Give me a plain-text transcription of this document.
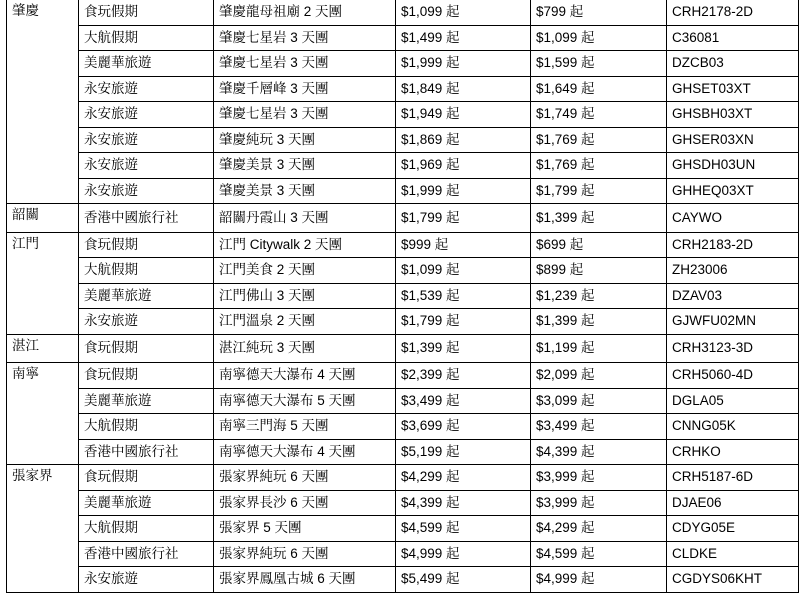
肇慶	食玩假期	肇慶龍母祖廟 2 天團	$1,099 起	$799 起	CRH2178-2D
	大航假期	肇慶七星岩 3 天團	$1,499 起	$1,099 起	C36081
	美麗華旅遊	肇慶七星岩 3 天團	$1,999 起	$1,599 起	DZCB03
	永安旅遊	肇慶千層峰 3 天團	$1,849 起	$1,649 起	GHSET03XT
	永安旅遊	肇慶七星岩 3 天團	$1,949 起	$1,749 起	GHSBH03XT
	永安旅遊	肇慶純玩 3 天團	$1,869 起	$1,769 起	GHSER03XN
	永安旅遊	肇慶美景 3 天團	$1,969 起	$1,769 起	GHSDH03UN
	永安旅遊	肇慶美景 3 天團	$1,999 起	$1,799 起	GHHEQ03XT
韶關	香港中國旅行社	韶關丹霞山 3 天團	$1,799 起	$1,399 起	CAYWO
江門	食玩假期	江門 Citywalk 2 天團	$999 起	$699 起	CRH2183-2D
	大航假期	江門美食 2 天團	$1,099 起	$899 起	ZH23006
	美麗華旅遊	江門佛山 3 天團	$1,539 起	$1,239 起	DZAV03
	永安旅遊	江門溫泉 2 天團	$1,799 起	$1,399 起	GJWFU02MN
湛江	食玩假期	湛江純玩 3 天團	$1,399 起	$1,199 起	CRH3123-3D
南寧	食玩假期	南寧德天大瀑布 4 天團	$2,399 起	$2,099 起	CRH5060-4D
	美麗華旅遊	南寧德天大瀑布 5 天團	$3,499 起	$3,099 起	DGLA05
	大航假期	南寧三門海 5 天團	$3,699 起	$3,499 起	CNNG05K
	香港中國旅行社	南寧德天大瀑布 4 天團	$5,199 起	$4,399 起	CRHKO
張家界	食玩假期	張家界純玩 6 天團	$4,299 起	$3,999 起	CRH5187-6D
	美麗華旅遊	張家界長沙 6 天團	$4,399 起	$3,999 起	DJAE06
	大航假期	張家界 5 天團	$4,599 起	$4,299 起	CDYG05E
	香港中國旅行社	張家界純玩 6 天團	$4,999 起	$4,599 起	CLDKE
	永安旅遊	張家界鳳凰古城 6 天團	$5,499 起	$4,999 起	CGDYS06KHT
